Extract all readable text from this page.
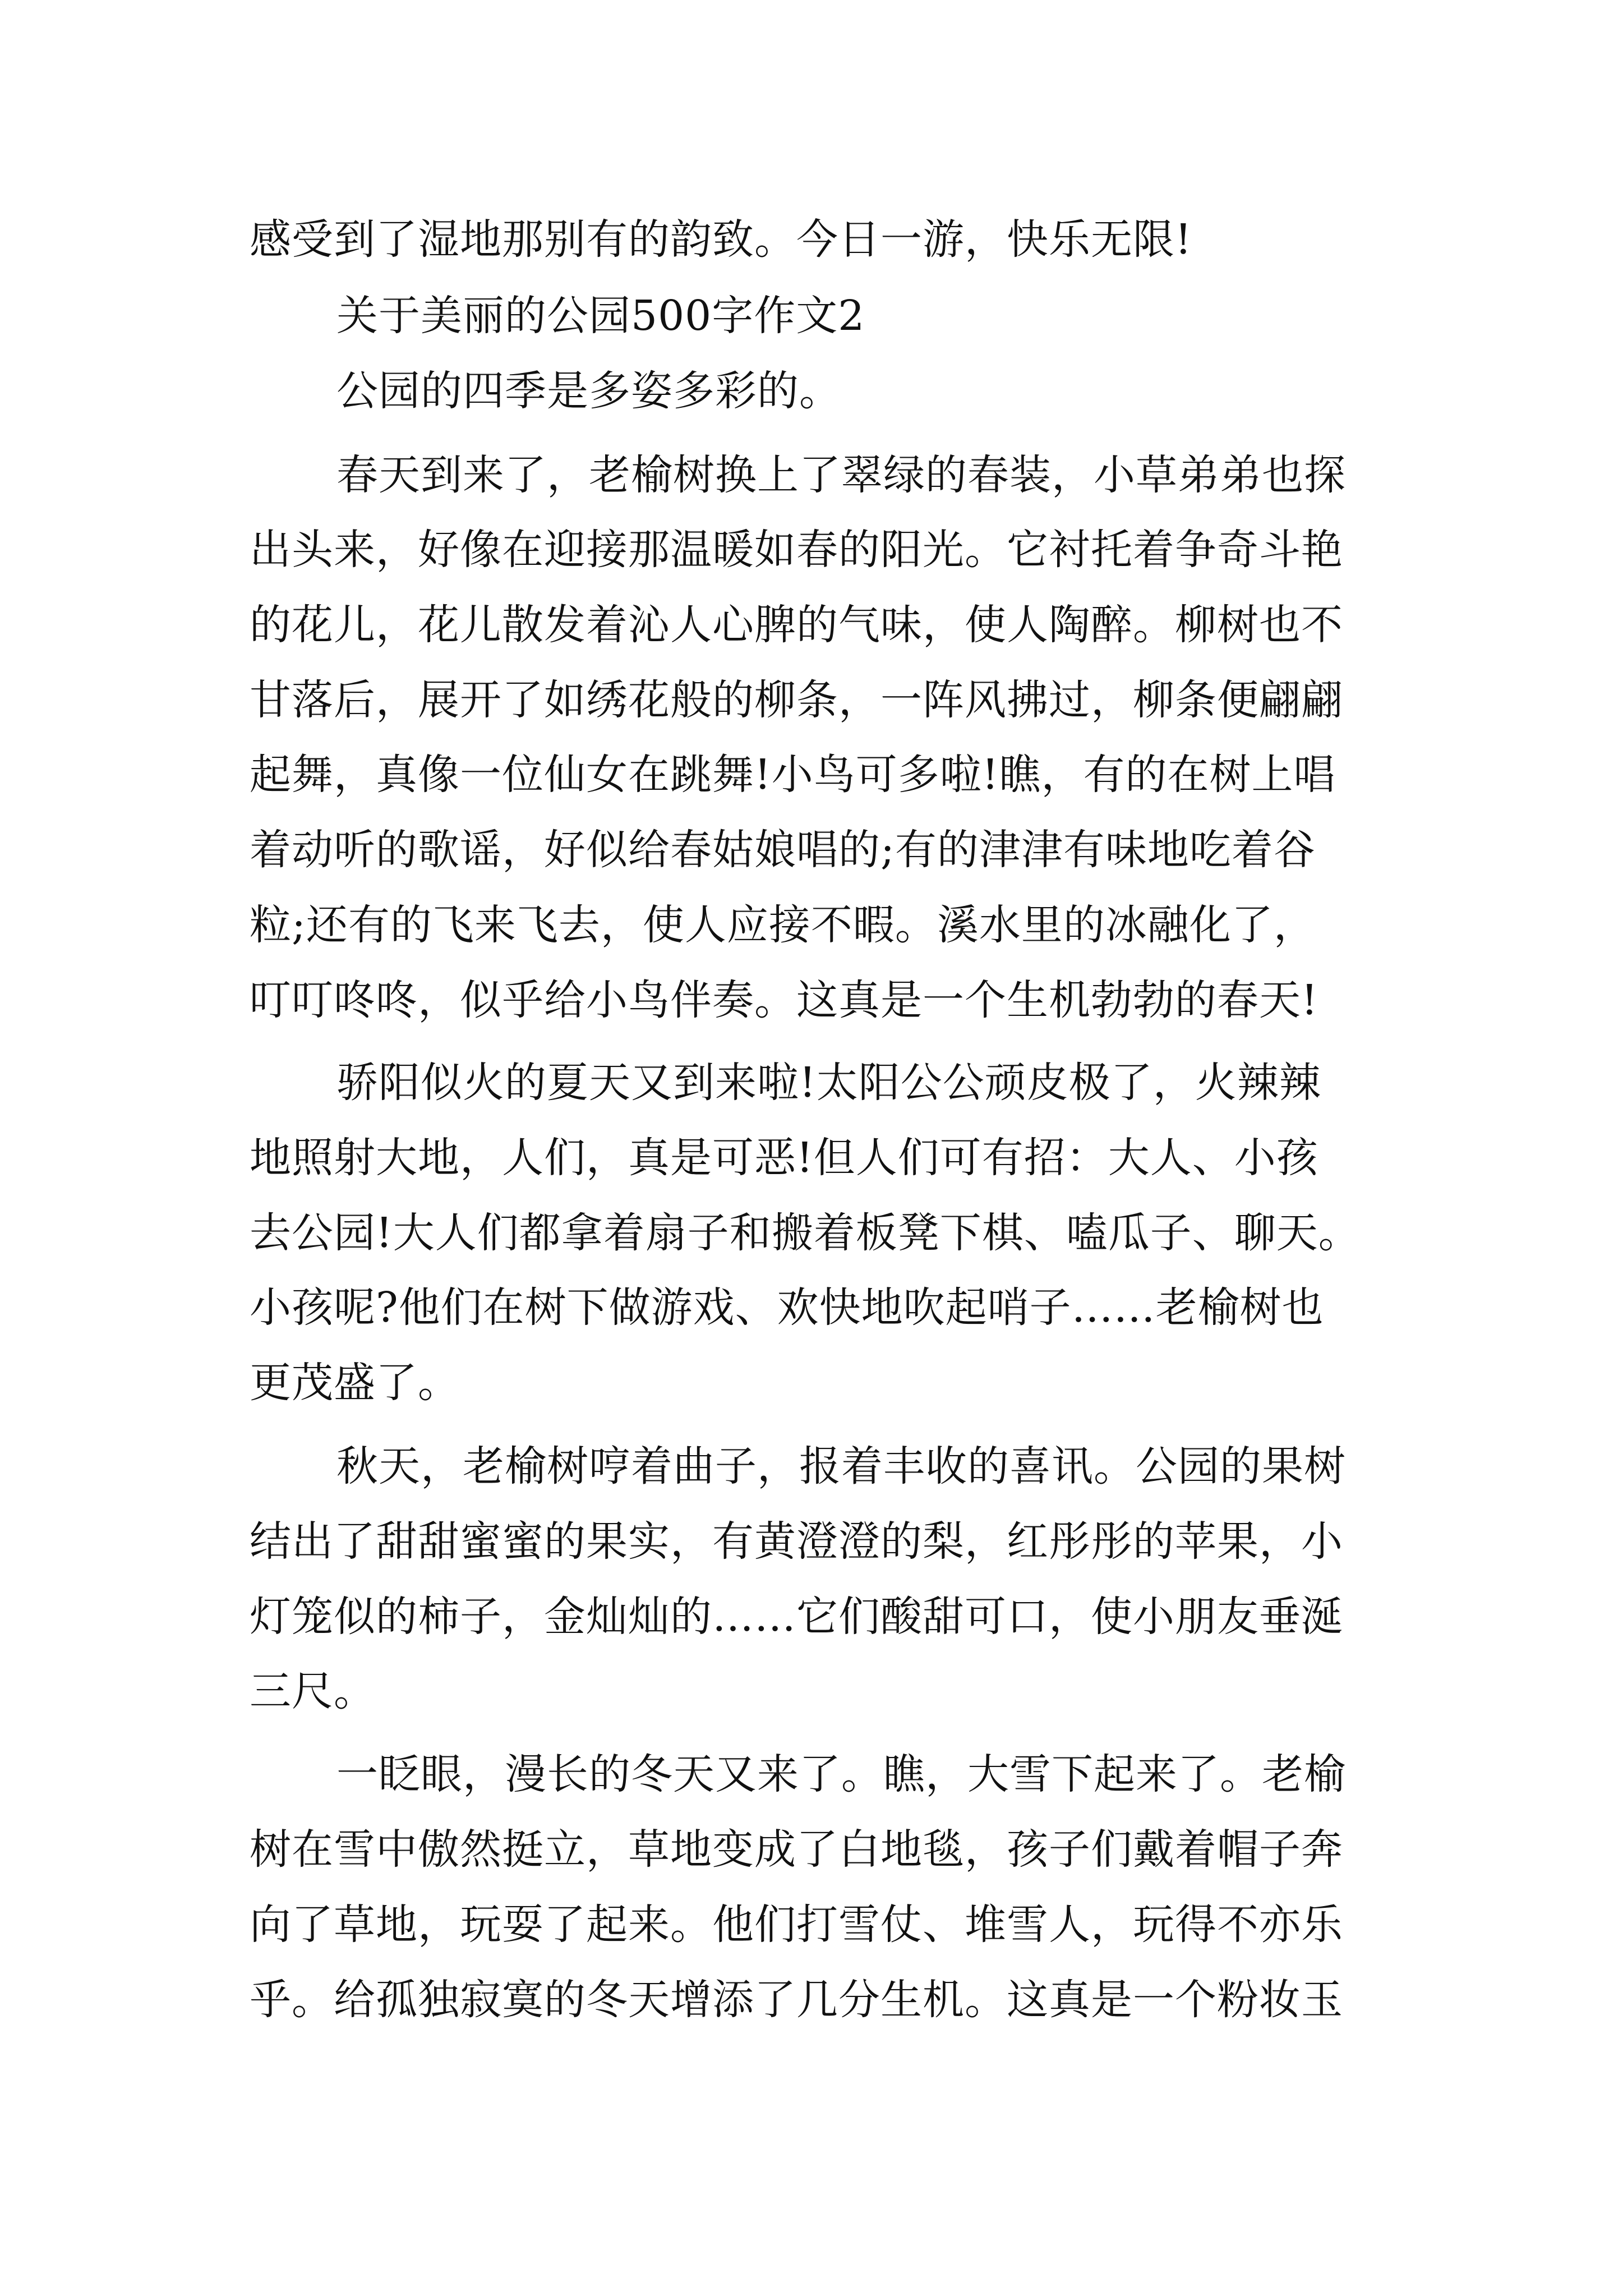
感受到了湿地那别有的韵致。今日一游，快乐无限!
关于美丽的公园500字作文2
公园的四季是多姿多彩的。
春天到来了，老榆树换上了翠绿的春装，小草弟弟也探
出头来，好像在迎接那温暖如春的阳光。它衬托着争奇斗艳
的花儿，花儿散发着沁人心脾的气味，使人陶醉。柳树也不
甘落后，展开了如绣花般的柳条，一阵风拂过，柳条便翩翩
起舞，真像一位仙女在跳舞!小鸟可多啦!瞧，有的在树上唱
着动听的歌谣，好似给春姑娘唱的;有的津津有味地吃着谷
粒;还有的飞来飞去，使人应接不暇。溪水里的冰融化了，
叮叮咚咚，似乎给小鸟伴奏。这真是一个生机勃勃的春天!
骄阳似火的夏天又到来啦!太阳公公顽皮极了，火辣辣
地照射大地，人们，真是可恶!但人们可有招：大人、小孩
去公园!大人们都拿着扇子和搬着板凳下棋、嗑瓜子、聊天。
小孩呢?他们在树下做游戏、欢快地吹起哨子……老榆树也
更茂盛了。
秋天，老榆树哼着曲子，报着丰收的喜讯。公园的果树
结出了甜甜蜜蜜的果实，有黄澄澄的梨，红彤彤的苹果，小
灯笼似的柿子，金灿灿的……它们酸甜可口，使小朋友垂涎
三尺。
一眨眼，漫长的冬天又来了。瞧，大雪下起来了。老榆
树在雪中傲然挺立，草地变成了白地毯，孩子们戴着帽子奔
向了草地，玩耍了起来。他们打雪仗、堆雪人，玩得不亦乐
乎。给孤独寂寞的冬天增添了几分生机。这真是一个粉妆玉
